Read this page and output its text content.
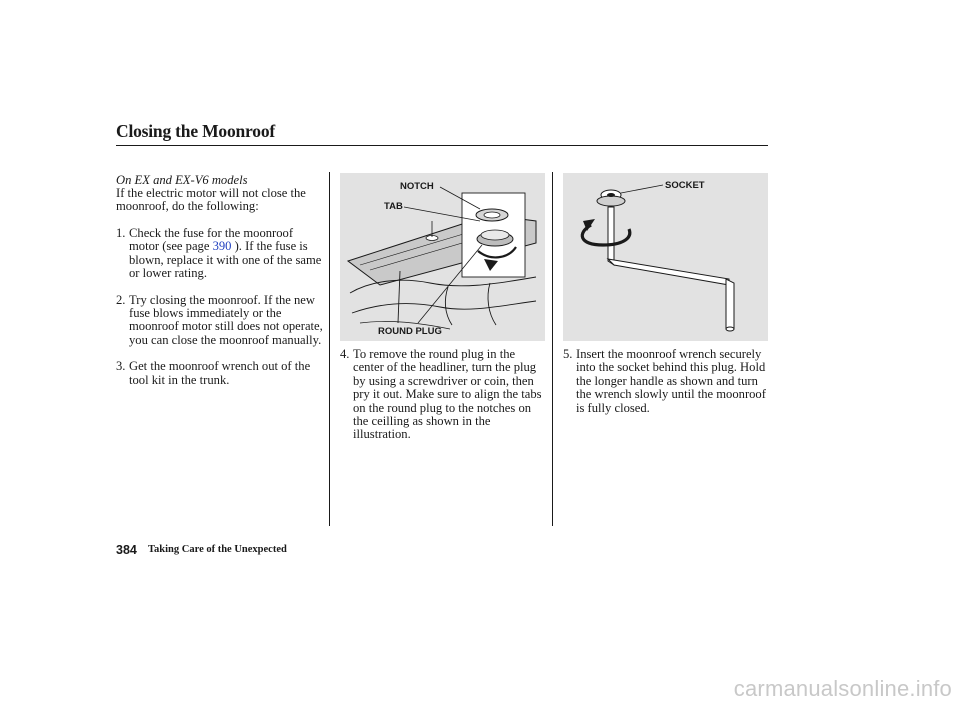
Closing the Moonroof
On EX and EX-V6 models
If the electric motor will not close the moonroof, do the following:
1. Check the fuse for the moonroof motor (see page 390 ). If the fuse is blown, replace it with one of the same or lower rating.
2. Try closing the moonroof. If the new fuse blows immediately or the moonroof motor still does not operate, you can close the moonroof manually.
3. Get the moonroof wrench out of the tool kit in the trunk.
NOTCH
TAB
ROUND PLUG
SOCKET
4. To remove the round plug in the center of the headliner, turn the plug by using a screwdriver or coin, then pry it out. Make sure to align the tabs on the round plug to the notches on the ceilling as shown in the illustration.
5. Insert the moonroof wrench securely into the socket behind this plug. Hold the longer handle as shown and turn the wrench slowly until the moonroof is fully closed.
384 Taking Care of the Unexpected
carmanualsonline.info
